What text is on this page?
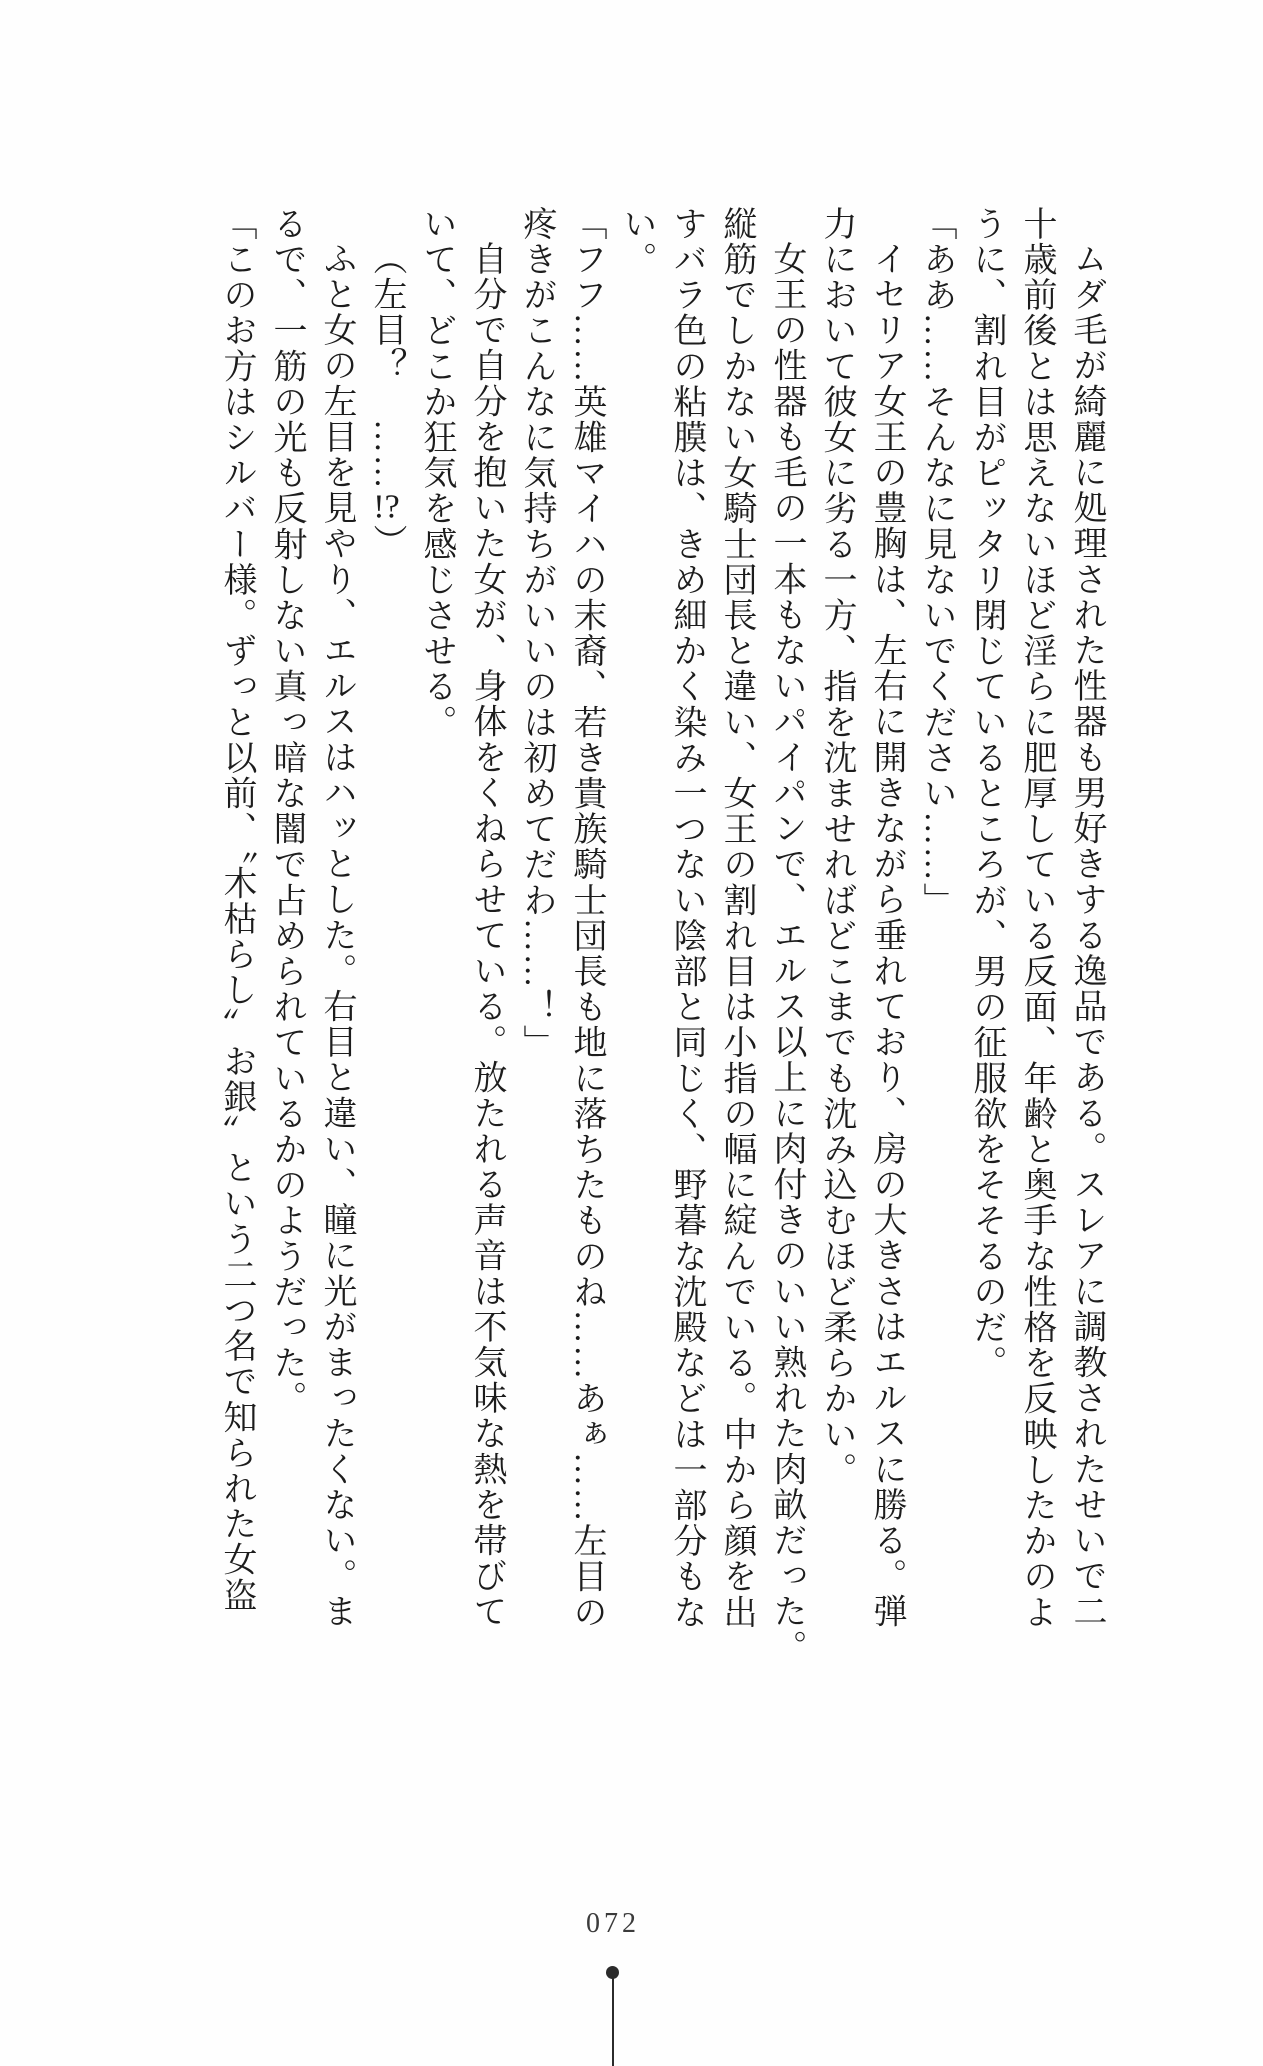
ムダ毛が綺麗に処理された性器も男好きする逸品である。スレアに調教されたせいで二

十歳前後とは思えないほど淫らに肥厚している反面、年齢と奥手な性格を反映したかのよ

うに、割れ目がピッタリ閉じているところが、男の征服欲をそそるのだ。

「ああ……そんなに見ないでください……」

イセリア女王の豊胸は、左右に開きながら垂れており、房の大きさはエルスに勝る。弾

力において彼女に劣る一方、指を沈ませればどこまでも沈み込むほど柔らかい。

女王の性器も毛の一本もないパイパンで、エルス以上に肉付きのいい熟れた肉畝だった。

縦筋でしかない女騎士団長と違い、女王の割れ目は小指の幅に綻んでいる。中から顔を出

すバラ色の粘膜は、きめ細かく染み一つない陰部と同じく、野暮な沈殿などは一部分もな

い。

「フフ……英雄マイハの末裔、若き貴族騎士団長も地に落ちたものね……あぁ……左目の

疼きがこんなに気持ちがいいのは初めてだわ……！」

自分で自分を抱いた女が、身体をくねらせている。放たれる声音は不気味な熱を帯びて

いて、どこか狂気を感じさせる。

（左目？　……!?）

ふと女の左目を見やり、エルスはハッとした。右目と違い、瞳に光がまったくない。ま

るで、一筋の光も反射しない真っ暗な闇で占められているかのようだった。

「このお方はシルバー様。ずっと以前、〝木枯らし〟お銀〟という二つ名で知られた女盗

072
